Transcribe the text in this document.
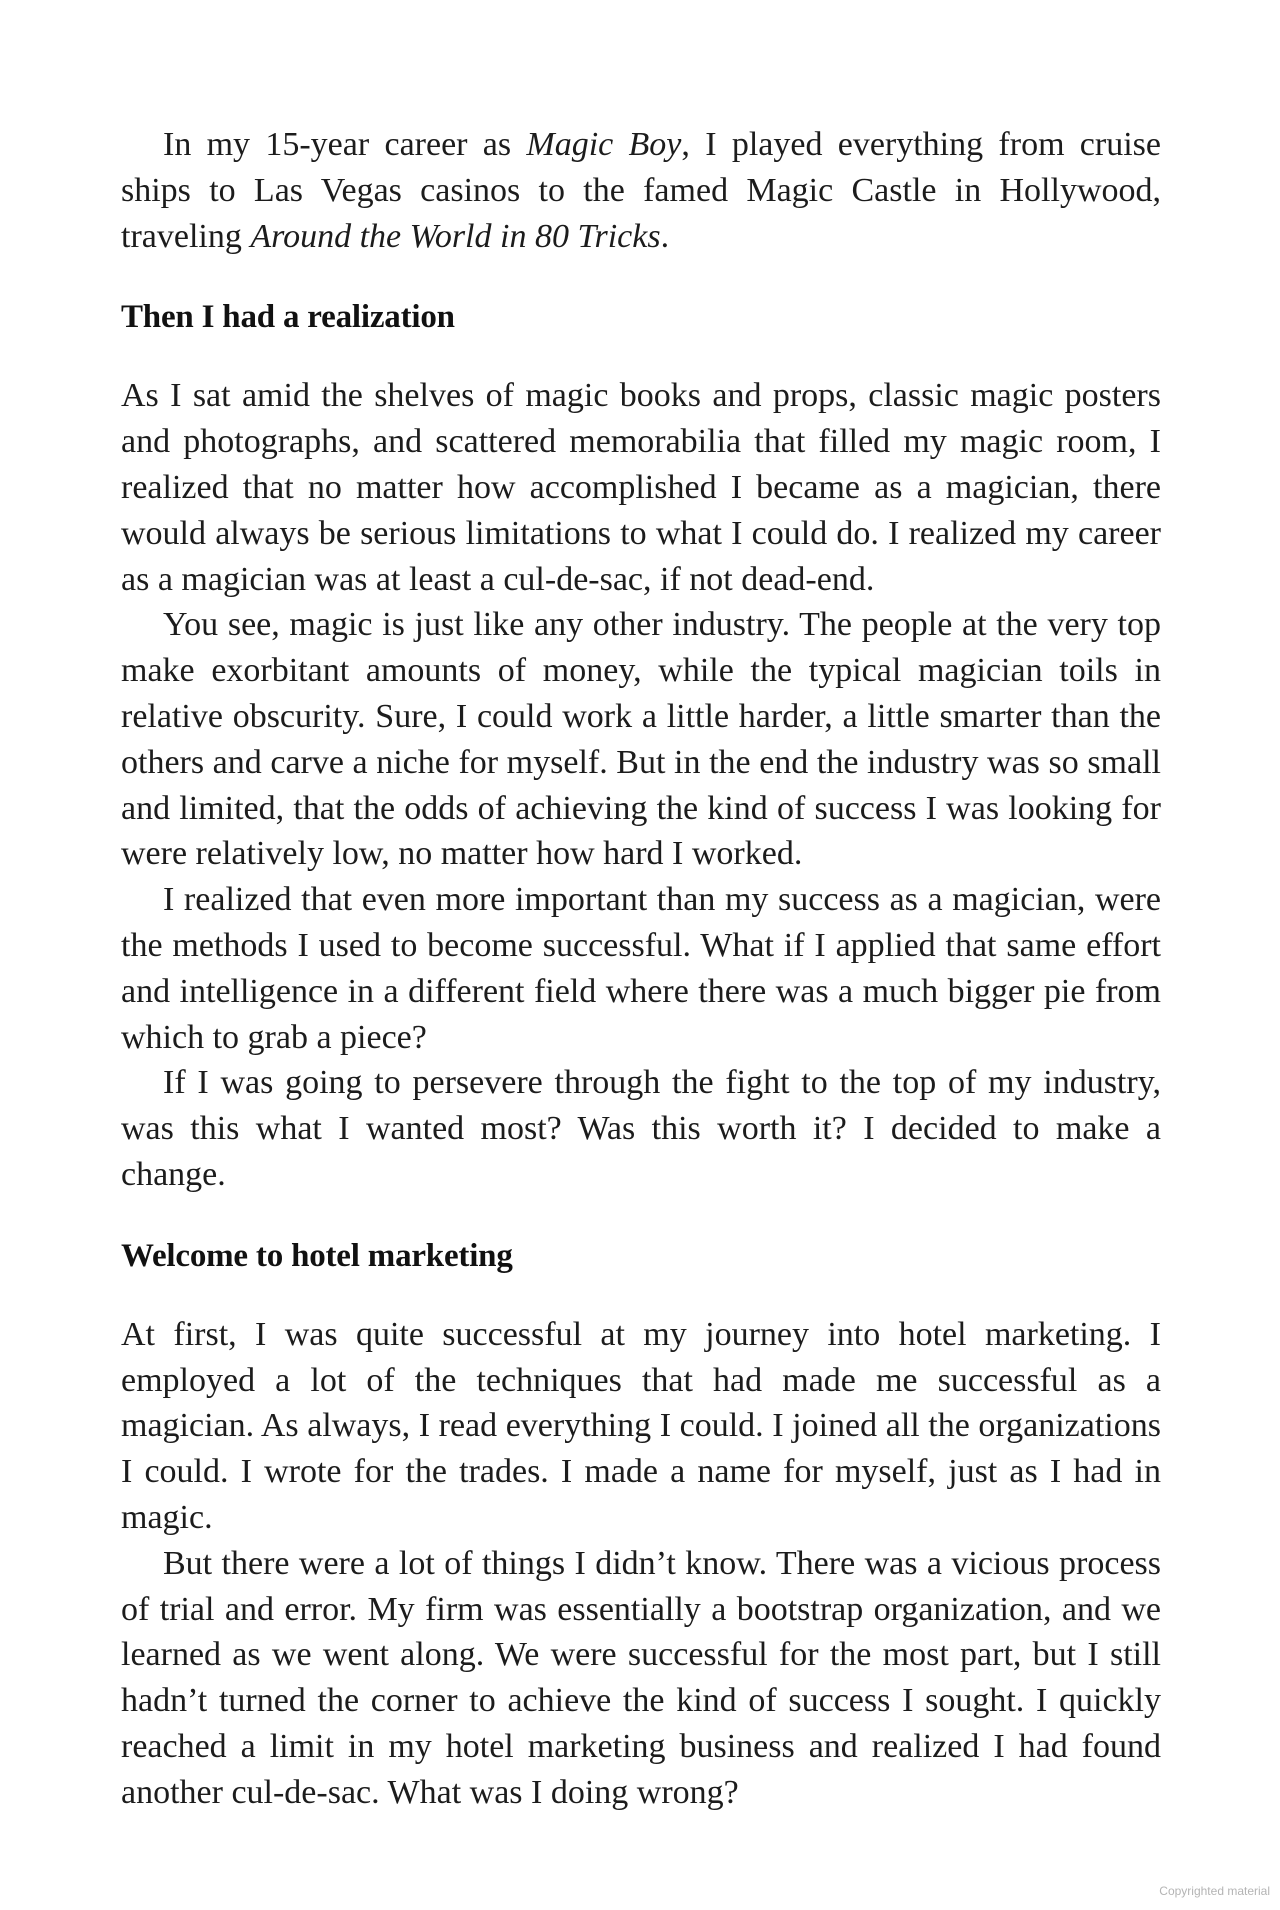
In my 15-year career as Magic Boy, I played everything from cruise ships to Las Vegas casinos to the famed Magic Castle in Hollywood, traveling Around the World in 80 Tricks.

Then I had a realization

As I sat amid the shelves of magic books and props, classic magic posters and photographs, and scattered memorabilia that filled my magic room, I realized that no matter how accomplished I became as a magician, there would always be serious limitations to what I could do. I realized my career as a magician was at least a cul-de-sac, if not dead-end.

You see, magic is just like any other industry. The people at the very top make exorbitant amounts of money, while the typical magician toils in relative obscurity. Sure, I could work a little harder, a little smarter than the others and carve a niche for myself. But in the end the industry was so small and limited, that the odds of achieving the kind of success I was looking for were relatively low, no matter how hard I worked.

I realized that even more important than my success as a magician, were the methods I used to become successful. What if I applied that same effort and intelligence in a different field where there was a much bigger pie from which to grab a piece?

If I was going to persevere through the fight to the top of my industry, was this what I wanted most? Was this worth it? I decided to make a change.

Welcome to hotel marketing

At first, I was quite successful at my journey into hotel marketing. I employed a lot of the techniques that had made me successful as a magician. As always, I read everything I could. I joined all the organizations I could. I wrote for the trades. I made a name for myself, just as I had in magic.

But there were a lot of things I didn’t know. There was a vicious process of trial and error. My firm was essentially a bootstrap organization, and we learned as we went along. We were successful for the most part, but I still hadn’t turned the corner to achieve the kind of success I sought. I quickly reached a limit in my hotel marketing business and realized I had found another cul-de-sac. What was I doing wrong?

Copyrighted material
